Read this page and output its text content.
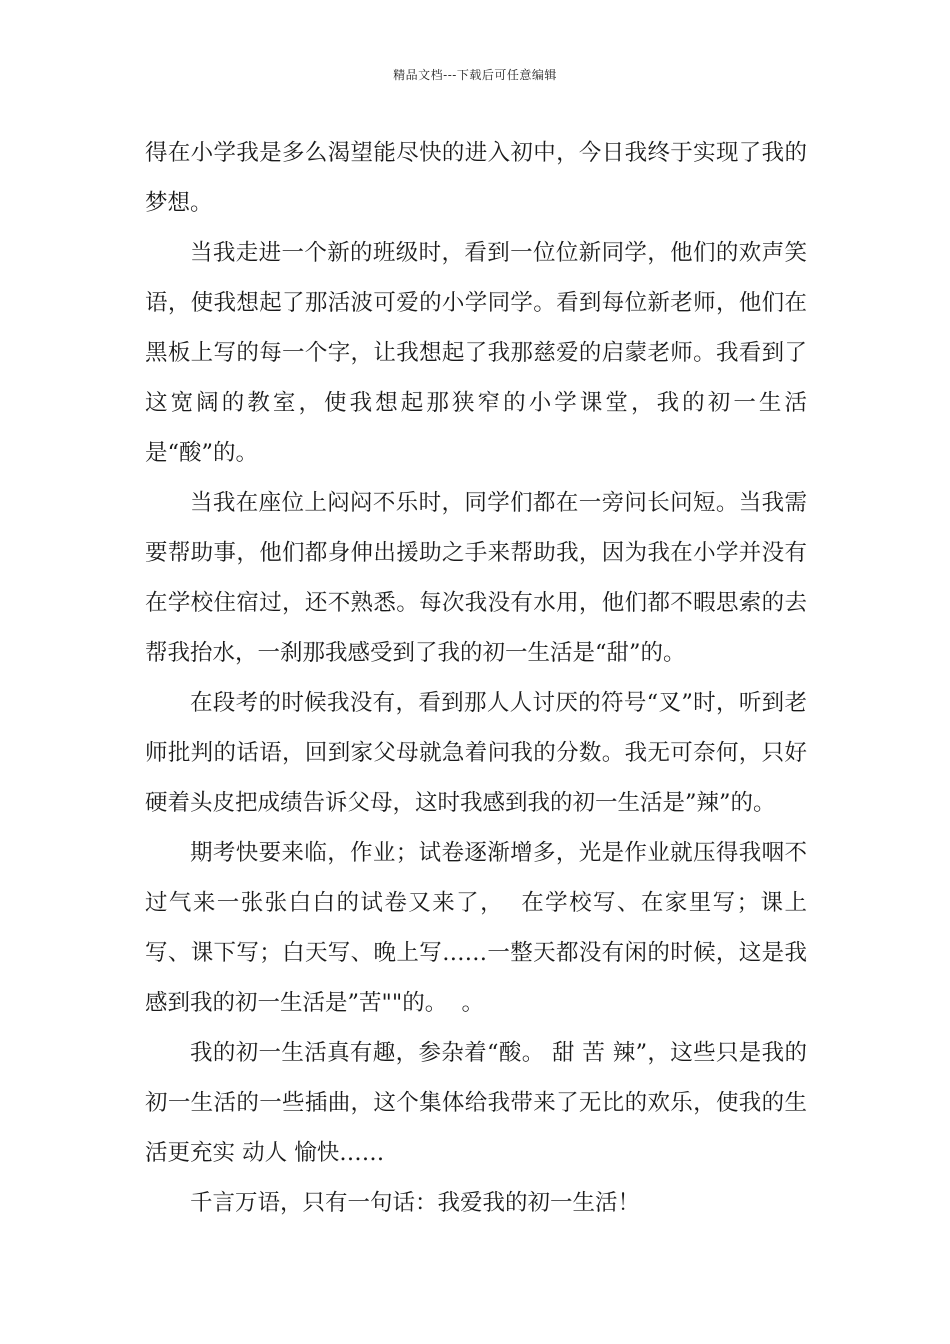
精品文档---下载后可任意编辑

得在小学我是多么渴望能尽快的进入初中，今日我终于实现了我的梦想。

当我走进一个新的班级时，看到一位位新同学，他们的欢声笑语，使我想起了那活波可爱的小学同学。看到每位新老师，他们在黑板上写的每一个字，让我想起了我那慈爱的启蒙老师。我看到了这宽阔的教室，使我想起那狭窄的小学课堂，我的初一生活是“酸”的。

当我在座位上闷闷不乐时，同学们都在一旁问长问短。当我需要帮助事，他们都身伸出援助之手来帮助我，因为我在小学并没有在学校住宿过，还不熟悉。每次我没有水用，他们都不暇思索的去帮我抬水，一刹那我感受到了我的初一生活是“甜”的。

在段考的时候我没有，看到那人人讨厌的符号“叉”时，听到老师批判的话语，回到家父母就急着问我的分数。我无可奈何，只好硬着头皮把成绩告诉父母，这时我感到我的初一生活是”辣”的。

期考快要来临，作业；试卷逐渐增多，光是作业就压得我咽不过气来一张张白白的试卷又来了，  在学校写、在家里写；课上写、课下写；白天写、晚上写……一整天都没有闲的时候，这是我感到我的初一生活是”苦""的。  。

我的初一生活真有趣，参杂着“酸。 甜 苦 辣”，这些只是我的初一生活的一些插曲，这个集体给我带来了无比的欢乐，使我的生活更充实 动人 愉快……

千言万语，只有一句话：我爱我的初一生活！
